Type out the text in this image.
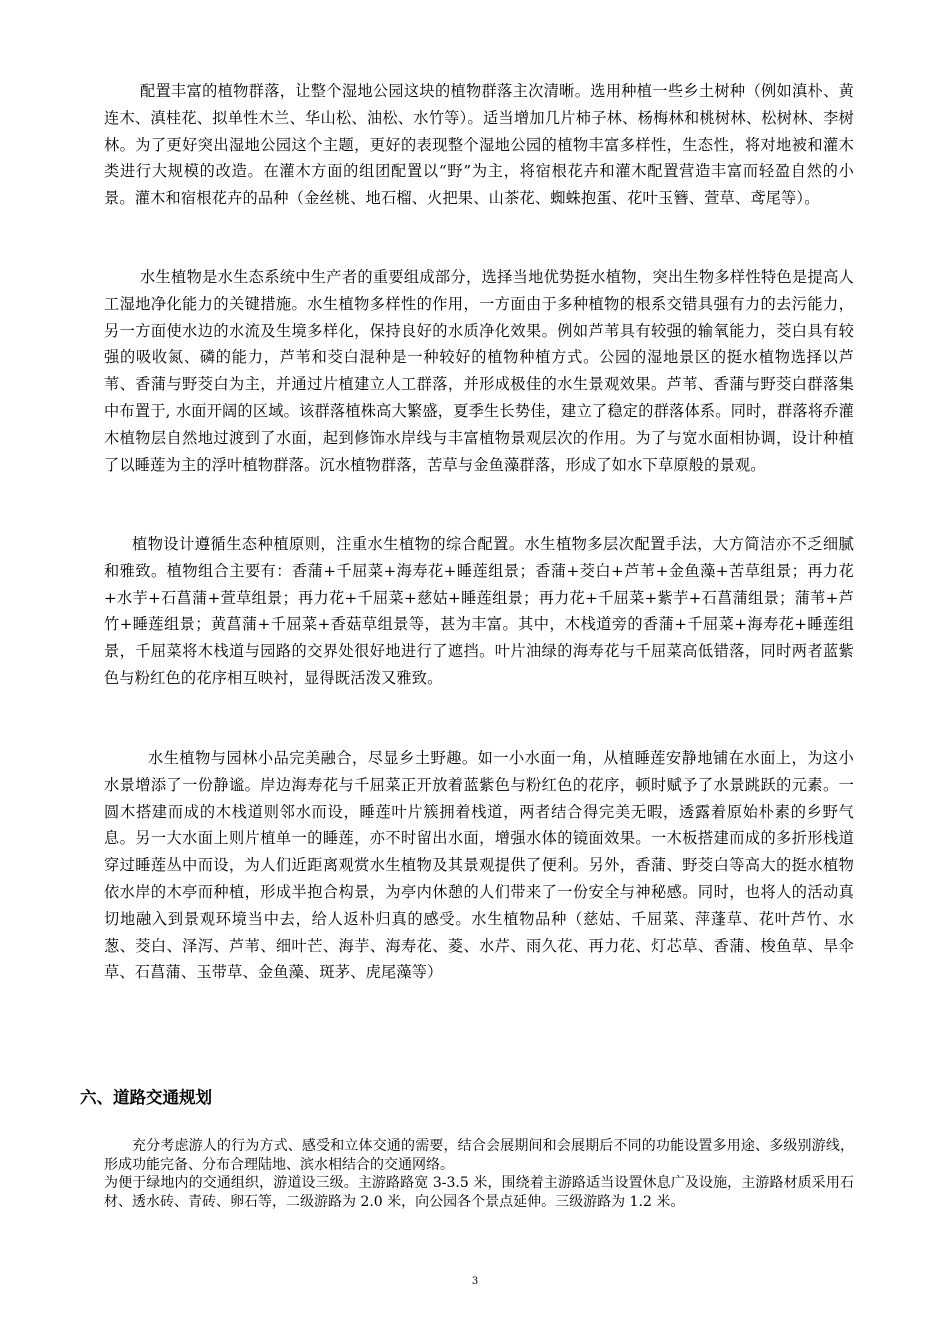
配置丰富的植物群落，让整个湿地公园这块的植物群落主次清晰。选用种植一些乡土树种（例如滇朴、黄连木、滇桂花、拟单性木兰、华山松、油松、水竹等）。适当增加几片柿子林、杨梅林和桃树林、松树林、李树林。为了更好突出湿地公园这个主题，更好的表现整个湿地公园的植物丰富多样性，生态性，将对地被和灌木类进行大规模的改造。在灌木方面的组团配置以“野”为主，将宿根花卉和灌木配置营造丰富而轻盈自然的小景。灌木和宿根花卉的品种（金丝桃、地石榴、火把果、山茶花、蜘蛛抱蛋、花叶玉簪、萱草、鸢尾等）。

水生植物是水生态系统中生产者的重要组成部分，选择当地优势挺水植物，突出生物多样性特色是提高人工湿地净化能力的关键措施。水生植物多样性的作用，一方面由于多种植物的根系交错具强有力的去污能力，另一方面使水边的水流及生境多样化，保持良好的水质净化效果。例如芦苇具有较强的输氧能力，茭白具有较强的吸收氮、磷的能力，芦苇和茭白混种是一种较好的植物种植方式。公园的湿地景区的挺水植物选择以芦苇、香蒲与野茭白为主，并通过片植建立人工群落，并形成极佳的水生景观效果。芦苇、香蒲与野茭白群落集中布置于, 水面开阔的区域。该群落植株高大繁盛，夏季生长势佳，建立了稳定的群落体系。同时，群落将乔灌木植物层自然地过渡到了水面，起到修饰水岸线与丰富植物景观层次的作用。为了与宽水面相协调，设计种植了以睡莲为主的浮叶植物群落。沉水植物群落，苦草与金鱼藻群落，形成了如水下草原般的景观。

植物设计遵循生态种植原则，注重水生植物的综合配置。水生植物多层次配置手法，大方简洁亦不乏细腻和雅致。植物组合主要有：香蒲+千屈菜+海寿花+睡莲组景；香蒲+茭白+芦苇+金鱼藻+苦草组景；再力花+水芋+石菖蒲+萱草组景；再力花+千屈菜+慈姑+睡莲组景；再力花+千屈菜+紫芋+石菖蒲组景；蒲苇+芦竹+睡莲组景；黄菖蒲+千屈菜+香菇草组景等，甚为丰富。其中，木栈道旁的香蒲+千屈菜+海寿花+睡莲组景，千屈菜将木栈道与园路的交界处很好地进行了遮挡。叶片油绿的海寿花与千屈菜高低错落，同时两者蓝紫色与粉红色的花序相互映衬，显得既活泼又雅致。

水生植物与园林小品完美融合，尽显乡土野趣。如一小水面一角，从植睡莲安静地铺在水面上，为这小水景增添了一份静谧。岸边海寿花与千屈菜正开放着蓝紫色与粉红色的花序，顿时赋予了水景跳跃的元素。一圆木搭建而成的木栈道则邻水而设，睡莲叶片簇拥着栈道，两者结合得完美无暇，透露着原始朴素的乡野气息。另一大水面上则片植单一的睡莲，亦不时留出水面，增强水体的镜面效果。一木板搭建而成的多折形栈道穿过睡莲丛中而设，为人们近距离观赏水生植物及其景观提供了便利。另外，香蒲、野茭白等高大的挺水植物依水岸的木亭而种植，形成半抱合构景，为亭内休憩的人们带来了一份安全与神秘感。同时，也将人的活动真切地融入到景观环境当中去，给人返朴归真的感受。水生植物品种（慈姑、千屈菜、萍蓬草、花叶芦竹、水葱、茭白、泽泻、芦苇、细叶芒、海芋、海寿花、菱、水芹、雨久花、再力花、灯芯草、香蒲、梭鱼草、旱伞草、石菖蒲、玉带草、金鱼藻、斑茅、虎尾藻等）

六、道路交通规划

充分考虑游人的行为方式、感受和立体交通的需要，结合会展期间和会展期后不同的功能设置多用途、多级别游线，形成功能完备、分布合理陆地、滨水相结合的交通网络。

为便于绿地内的交通组织，游道设三级。主游路路宽 3-3.5 米，围绕着主游路适当设置休息广及设施，主游路材质采用石材、透水砖、青砖、卵石等，二级游路为 2.0 米，向公园各个景点延伸。三级游路为 1.2 米。

3
